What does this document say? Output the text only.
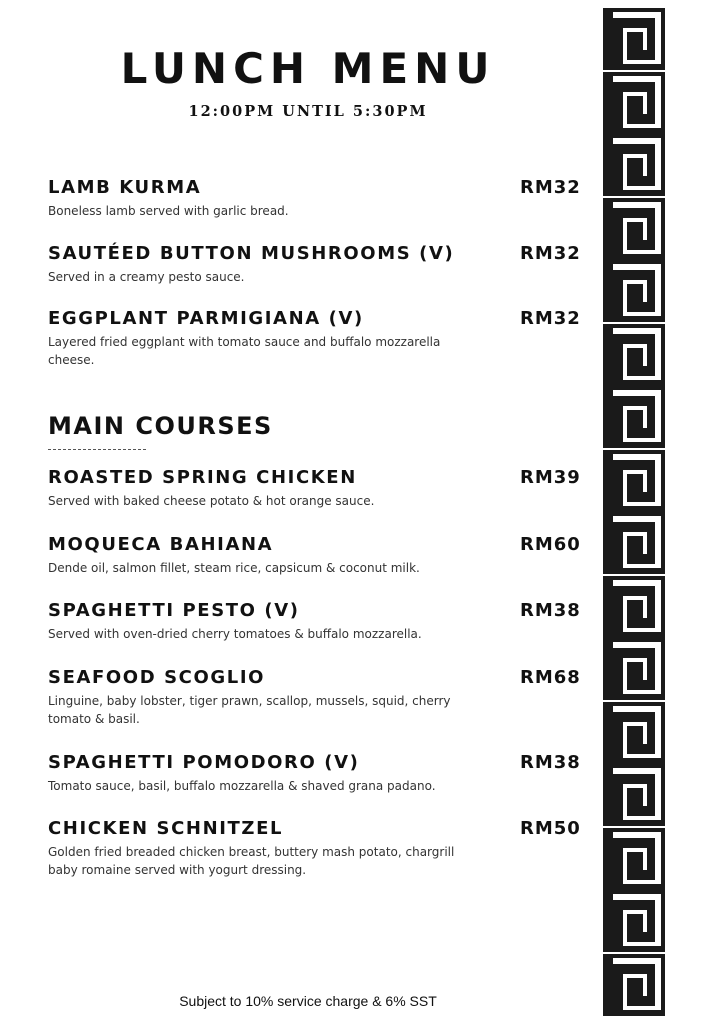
LUNCH MENU
12:00PM UNTIL 5:30PM
LAMB KURMA	RM32
Boneless lamb served with garlic bread.
SAUTÉED BUTTON MUSHROOMS (V)	RM32
Served in a creamy pesto sauce.
EGGPLANT PARMIGIANA (V)	RM32
Layered fried eggplant with tomato sauce and buffalo mozzarella cheese.
MAIN COURSES
ROASTED SPRING CHICKEN	RM39
Served with baked cheese potato & hot orange sauce.
MOQUECA BAHIANA	RM60
Dende oil, salmon fillet, steam rice, capsicum & coconut milk.
SPAGHETTI PESTO (V)	RM38
Served with oven-dried cherry tomatoes & buffalo mozzarella.
SEAFOOD SCOGLIO	RM68
Linguine, baby lobster, tiger prawn, scallop, mussels, squid, cherry tomato & basil.
SPAGHETTI POMODORO (V)	RM38
Tomato sauce, basil, buffalo mozzarella & shaved grana padano.
CHICKEN SCHNITZEL	RM50
Golden fried breaded chicken breast, buttery mash potato, chargrill baby romaine served with yogurt dressing.
Subject to 10% service charge & 6% SST
